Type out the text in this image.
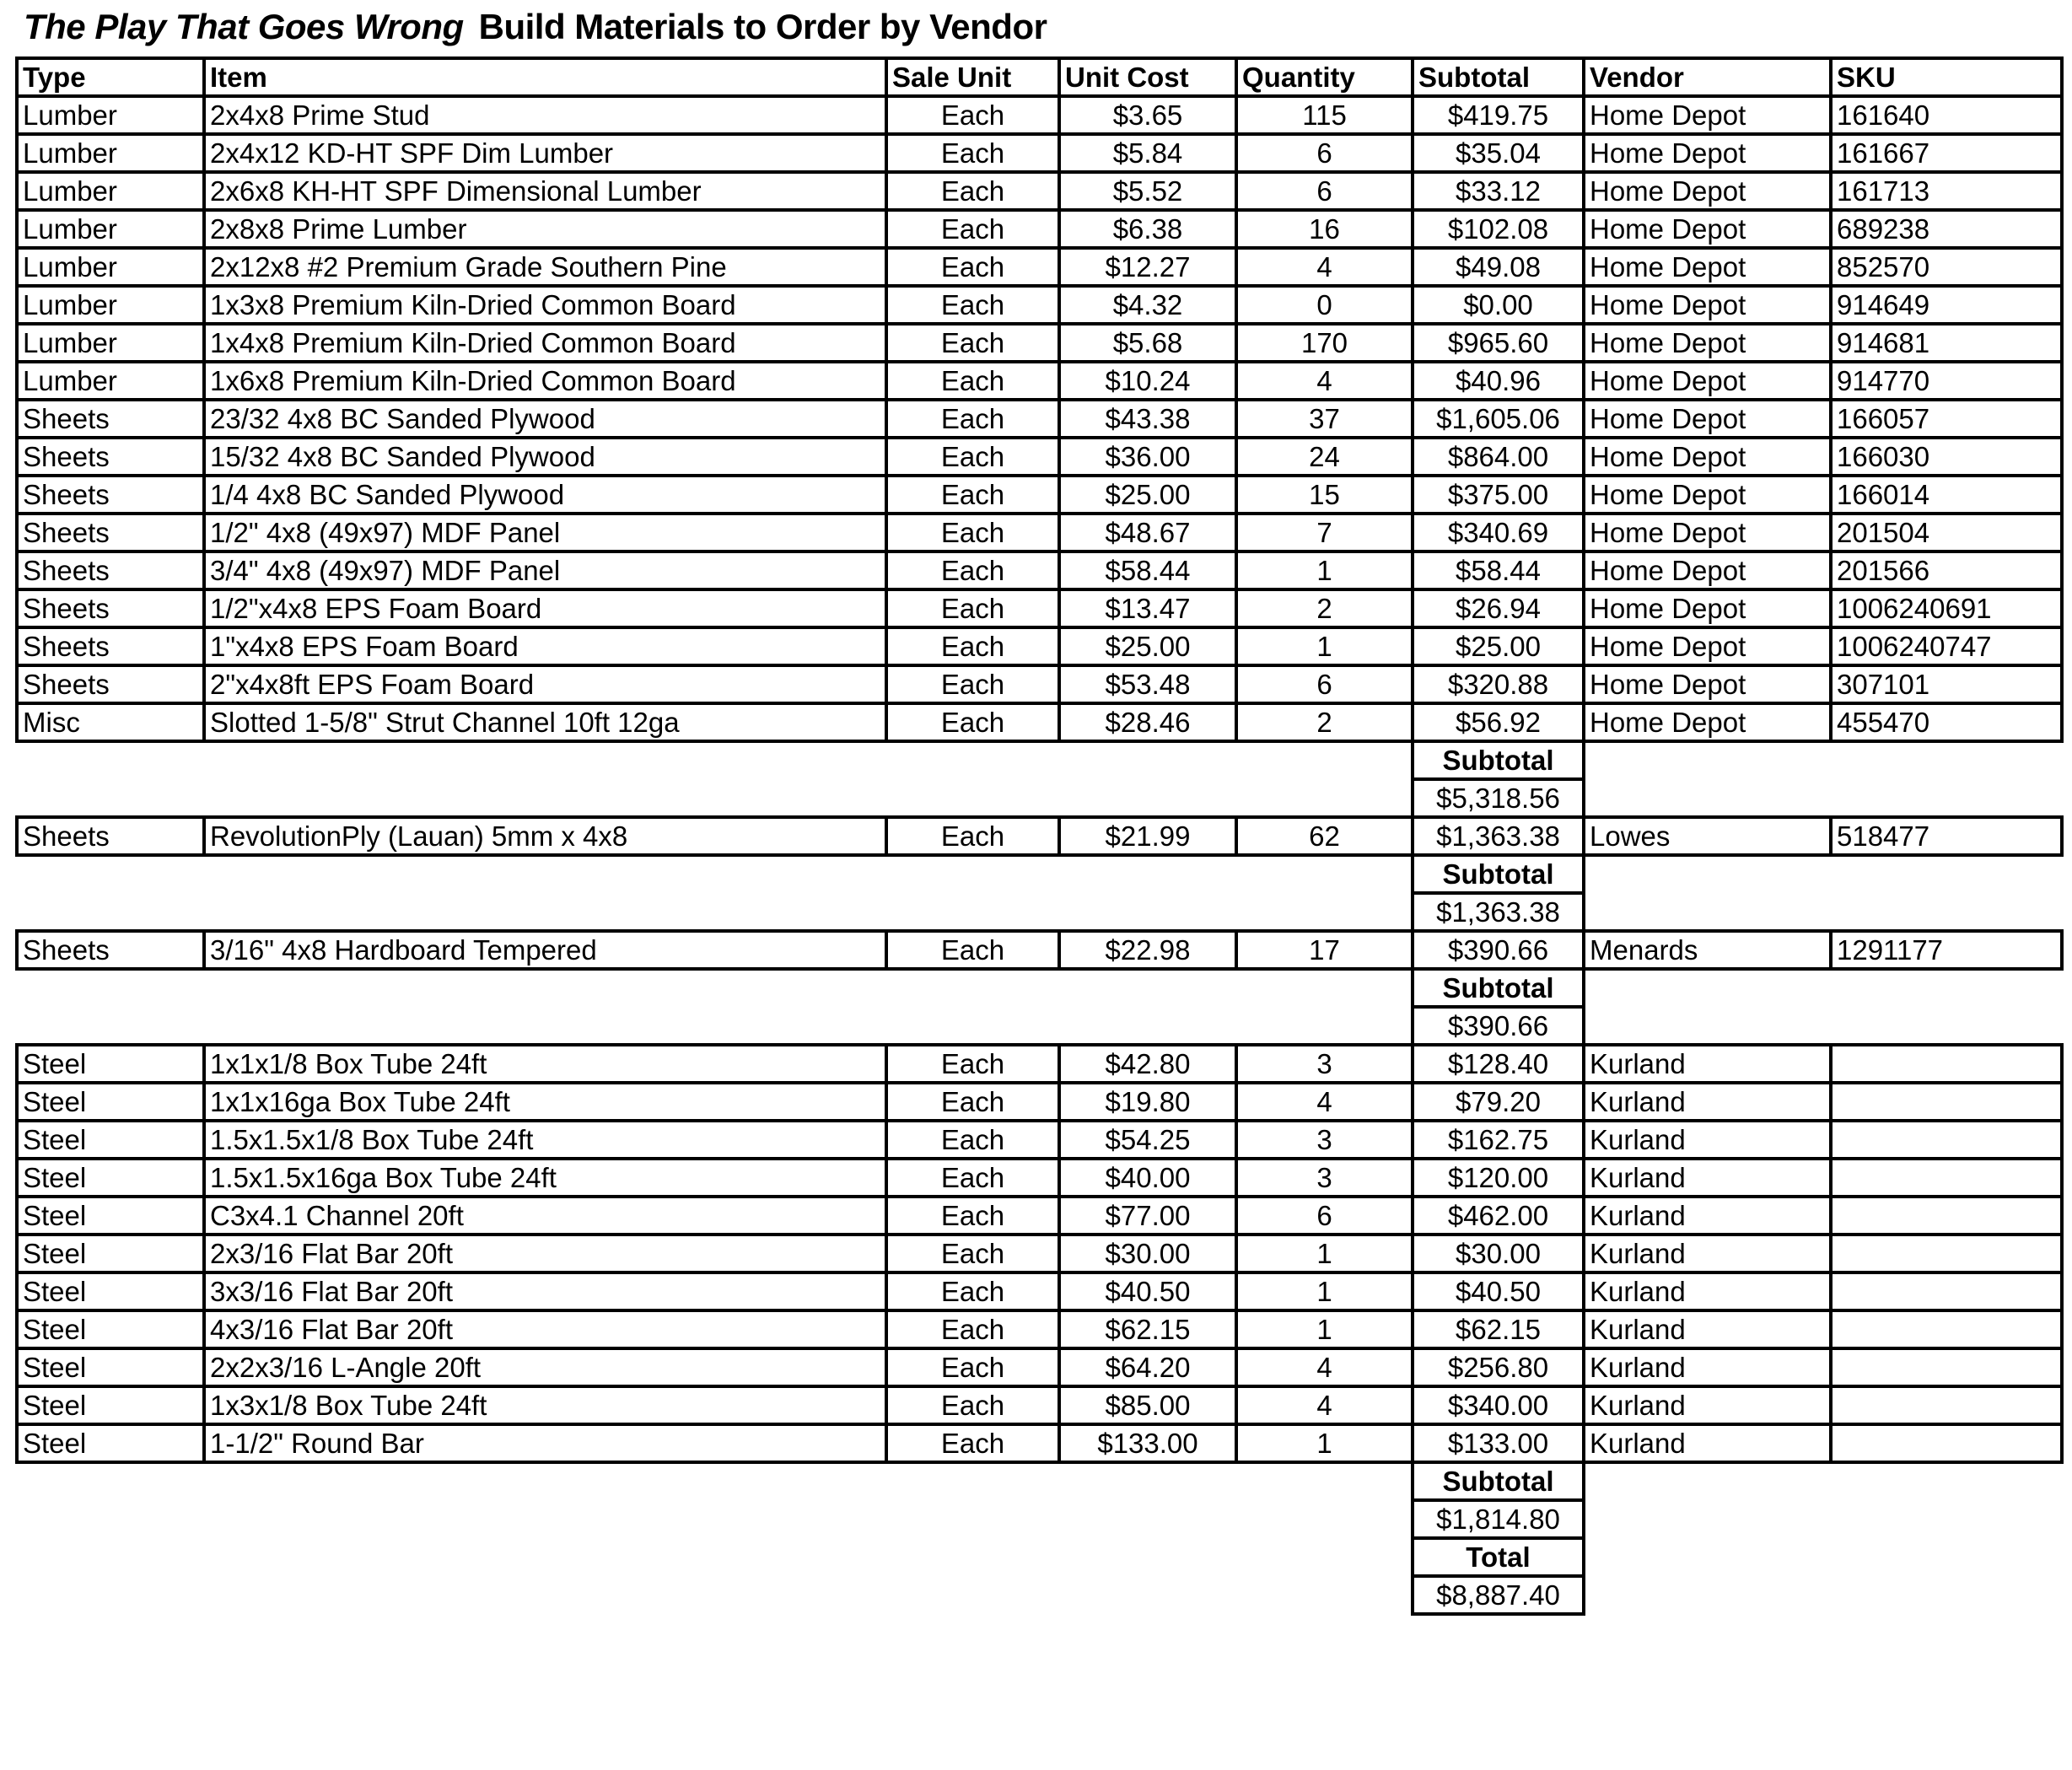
The Play That Goes Wrong Build Materials to Order by Vendor
Type	Item	Sale Unit	Unit Cost	Quantity	Subtotal	Vendor	SKU
Lumber	2x4x8 Prime Stud	Each	$3.65	115	$419.75	Home Depot	161640
Lumber	2x4x12 KD-HT SPF Dim Lumber	Each	$5.84	6	$35.04	Home Depot	161667
Lumber	2x6x8 KH-HT SPF Dimensional Lumber	Each	$5.52	6	$33.12	Home Depot	161713
Lumber	2x8x8 Prime Lumber	Each	$6.38	16	$102.08	Home Depot	689238
Lumber	2x12x8 #2 Premium Grade Southern Pine	Each	$12.27	4	$49.08	Home Depot	852570
Lumber	1x3x8 Premium Kiln-Dried Common Board	Each	$4.32	0	$0.00	Home Depot	914649
Lumber	1x4x8 Premium Kiln-Dried Common Board	Each	$5.68	170	$965.60	Home Depot	914681
Lumber	1x6x8 Premium Kiln-Dried Common Board	Each	$10.24	4	$40.96	Home Depot	914770
Sheets	23/32 4x8 BC Sanded Plywood	Each	$43.38	37	$1,605.06	Home Depot	166057
Sheets	15/32 4x8 BC Sanded Plywood	Each	$36.00	24	$864.00	Home Depot	166030
Sheets	1/4 4x8 BC Sanded Plywood	Each	$25.00	15	$375.00	Home Depot	166014
Sheets	1/2" 4x8 (49x97) MDF Panel	Each	$48.67	7	$340.69	Home Depot	201504
Sheets	3/4" 4x8 (49x97) MDF Panel	Each	$58.44	1	$58.44	Home Depot	201566
Sheets	1/2"x4x8 EPS Foam Board	Each	$13.47	2	$26.94	Home Depot	1006240691
Sheets	1"x4x8 EPS Foam Board	Each	$25.00	1	$25.00	Home Depot	1006240747
Sheets	2"x4x8ft EPS Foam Board	Each	$53.48	6	$320.88	Home Depot	307101
Misc	Slotted 1-5/8" Strut Channel 10ft 12ga	Each	$28.46	2	$56.92	Home Depot	455470
					Subtotal		
					$5,318.56		
Sheets	RevolutionPly (Lauan) 5mm x 4x8	Each	$21.99	62	$1,363.38	Lowes	518477
					Subtotal		
					$1,363.38		
Sheets	3/16" 4x8 Hardboard Tempered	Each	$22.98	17	$390.66	Menards	1291177
					Subtotal		
					$390.66		
Steel	1x1x1/8 Box Tube 24ft	Each	$42.80	3	$128.40	Kurland	
Steel	1x1x16ga Box Tube 24ft	Each	$19.80	4	$79.20	Kurland	
Steel	1.5x1.5x1/8 Box Tube 24ft	Each	$54.25	3	$162.75	Kurland	
Steel	1.5x1.5x16ga Box Tube 24ft	Each	$40.00	3	$120.00	Kurland	
Steel	C3x4.1 Channel 20ft	Each	$77.00	6	$462.00	Kurland	
Steel	2x3/16 Flat Bar 20ft	Each	$30.00	1	$30.00	Kurland	
Steel	3x3/16 Flat Bar 20ft	Each	$40.50	1	$40.50	Kurland	
Steel	4x3/16 Flat Bar 20ft	Each	$62.15	1	$62.15	Kurland	
Steel	2x2x3/16 L-Angle 20ft	Each	$64.20	4	$256.80	Kurland	
Steel	1x3x1/8 Box Tube 24ft	Each	$85.00	4	$340.00	Kurland	
Steel	1-1/2" Round Bar	Each	$133.00	1	$133.00	Kurland	
					Subtotal		
					$1,814.80		
					Total		
					$8,887.40		
